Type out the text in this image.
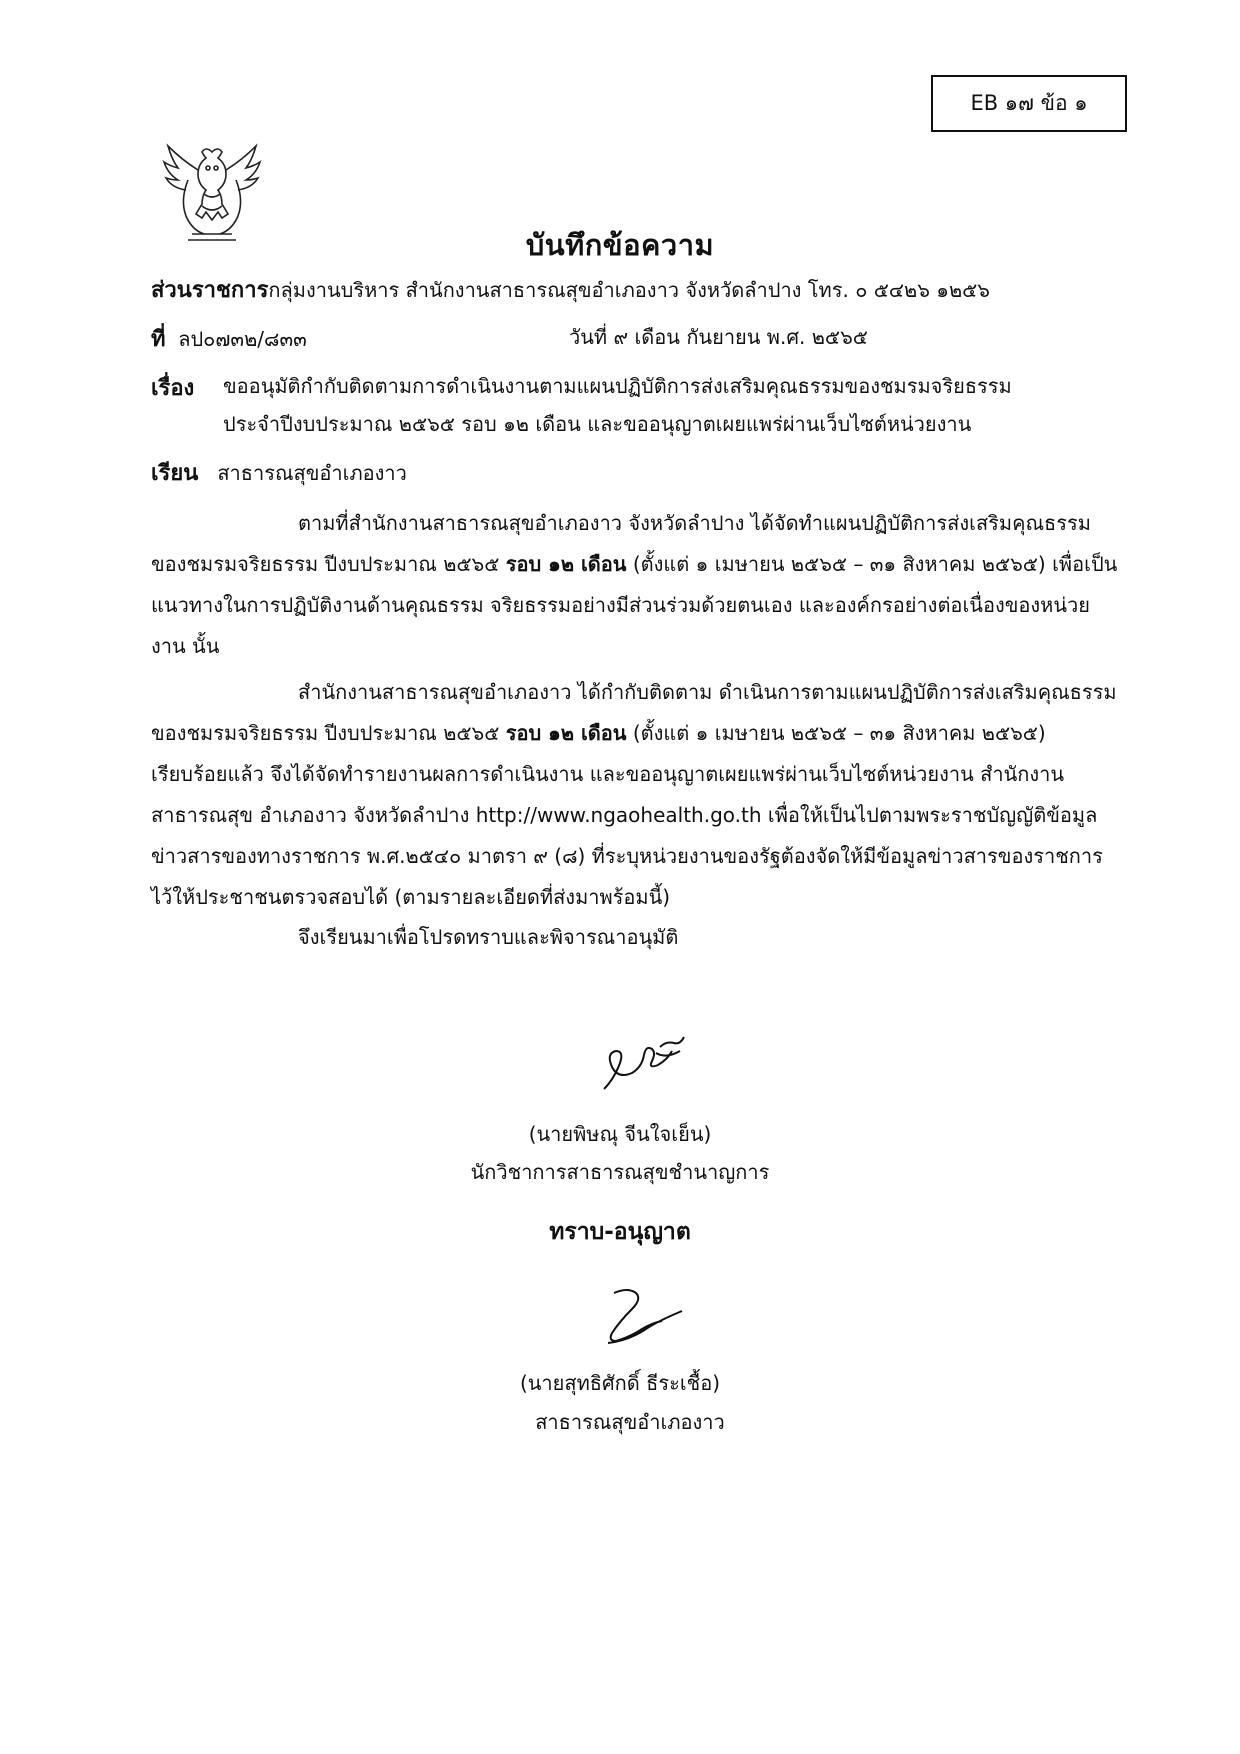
EB ๑๗ ข้อ ๑
บันทึกข้อความ
ส่วนราชการกลุ่มงานบริหาร สำนักงานสาธารณสุขอำเภองาว จังหวัดลำปาง โทร. ๐ ๕๔๒๖ ๑๒๕๖
ที่ ลป๐๗๓๒/๘๓๓	วันที่ ๙ เดือน กันยายน พ.ศ. ๒๕๖๕
เรื่อง ขออนุมัติกำกับติดตามการดำเนินงานตามแผนปฏิบัติการส่งเสริมคุณธรรมของชมรมจริยธรรม
ประจำปีงบประมาณ ๒๕๖๕ รอบ ๑๒ เดือน และขออนุญาตเผยแพร่ผ่านเว็บไซต์หน่วยงาน
เรียน สาธารณสุขอำเภองาว

ตามที่สำนักงานสาธารณสุขอำเภองาว จังหวัดลำปาง ได้จัดทำแผนปฏิบัติการส่งเสริมคุณธรรมของชมรมจริยธรรม ปีงบประมาณ ๒๕๖๕ รอบ ๑๒ เดือน (ตั้งแต่ ๑ เมษายน ๒๕๖๕ – ๓๑ สิงหาคม ๒๕๖๕) เพื่อเป็นแนวทางในการปฏิบัติงานด้านคุณธรรม จริยธรรมอย่างมีส่วนร่วมด้วยตนเอง และองค์กรอย่างต่อเนื่องของหน่วยงาน นั้น

สำนักงานสาธารณสุขอำเภองาว ได้กำกับติดตาม ดำเนินการตามแผนปฏิบัติการส่งเสริมคุณธรรมของชมรมจริยธรรม ปีงบประมาณ ๒๕๖๕ รอบ ๑๒ เดือน (ตั้งแต่ ๑ เมษายน ๒๕๖๕ – ๓๑ สิงหาคม ๒๕๖๕) เรียบร้อยแล้ว จึงได้จัดทำรายงานผลการดำเนินงาน และขออนุญาตเผยแพร่ผ่านเว็บไซต์หน่วยงาน สำนักงานสาธารณสุข อำเภองาว จังหวัดลำปาง http://www.ngaohealth.go.th เพื่อให้เป็นไปตามพระราชบัญญัติข้อมูลข่าวสารของทางราชการ พ.ศ.๒๕๔๐ มาตรา ๙ (๘) ที่ระบุหน่วยงานของรัฐต้องจัดให้มีข้อมูลข่าวสารของราชการไว้ให้ประชาชนตรวจสอบได้ (ตามรายละเอียดที่ส่งมาพร้อมนี้)

จึงเรียนมาเพื่อโปรดทราบและพิจารณาอนุมัติ
(นายพิษณุ จีนใจเย็น)
นักวิชาการสาธารณสุขชำนาญการ
ทราบ-อนุญาต
(นายสุทธิศักดิ์ ธีระเชื้อ)
สาธารณสุขอำเภองาว
